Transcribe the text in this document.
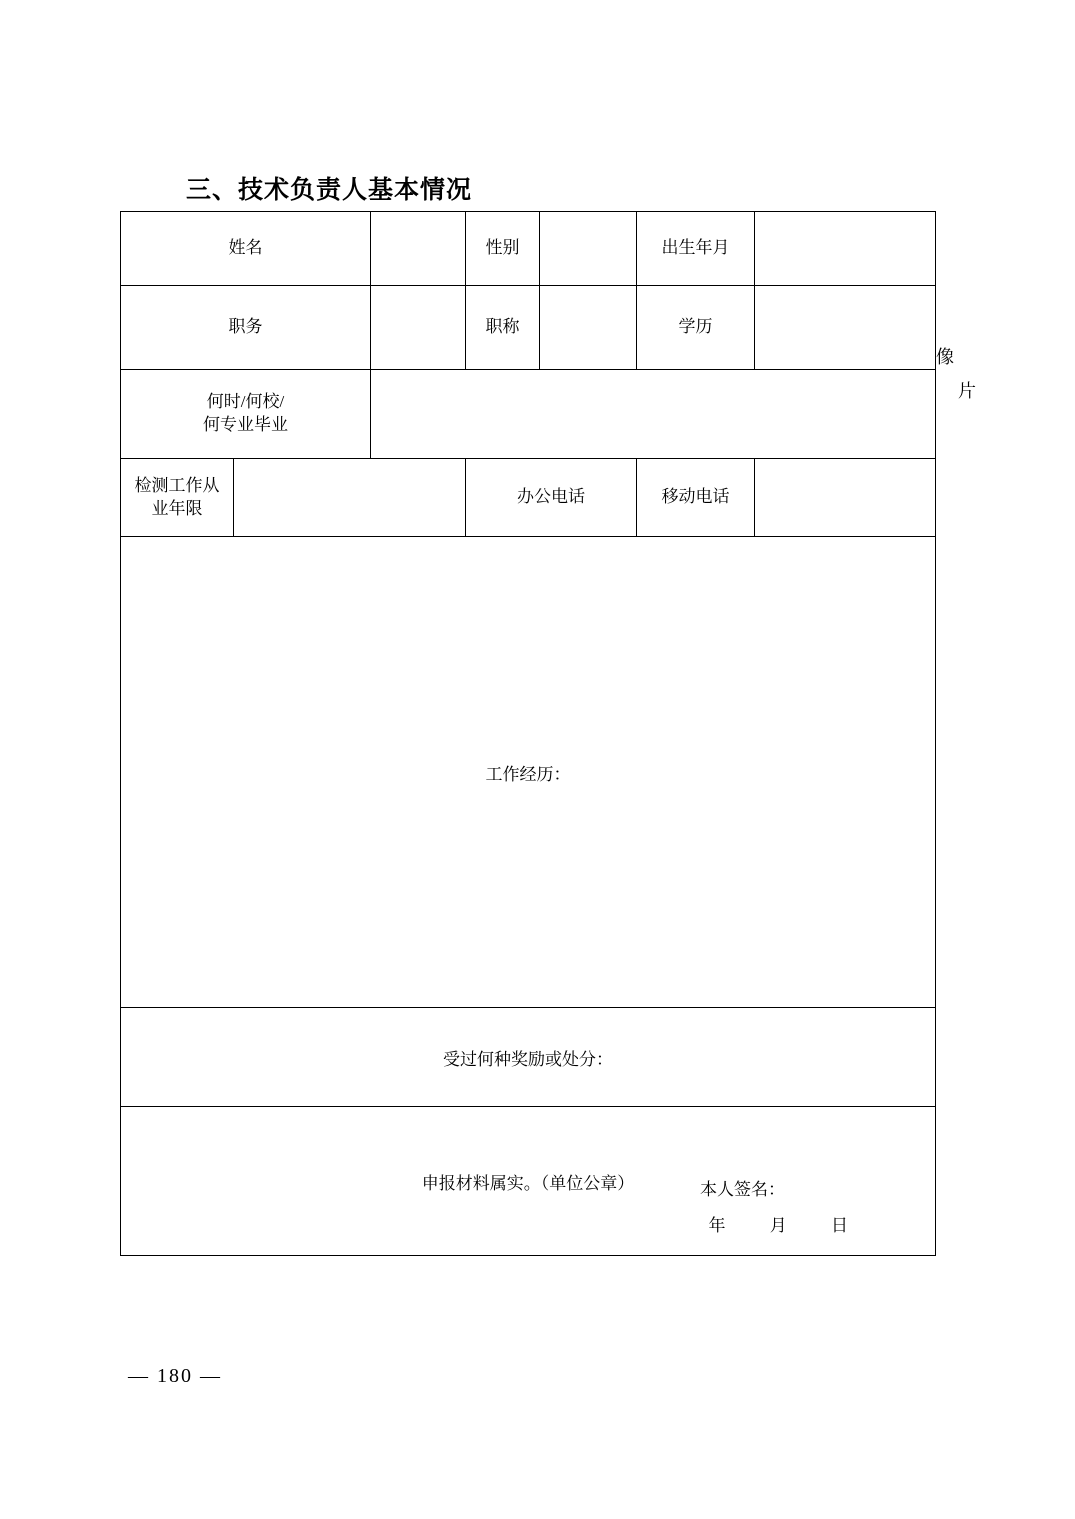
三、技术负责人基本情况
姓名			性别		出生年月		像
片

职务			职称		学历		

何时/何校/
何专业毕业							

检测工作从
业年限			办公电话		移动电话		
工作经历：							
受过何种奖励或处分：							
申报材料属实。（单位公章） 本人签名：
年 月 日							
— 180 —
